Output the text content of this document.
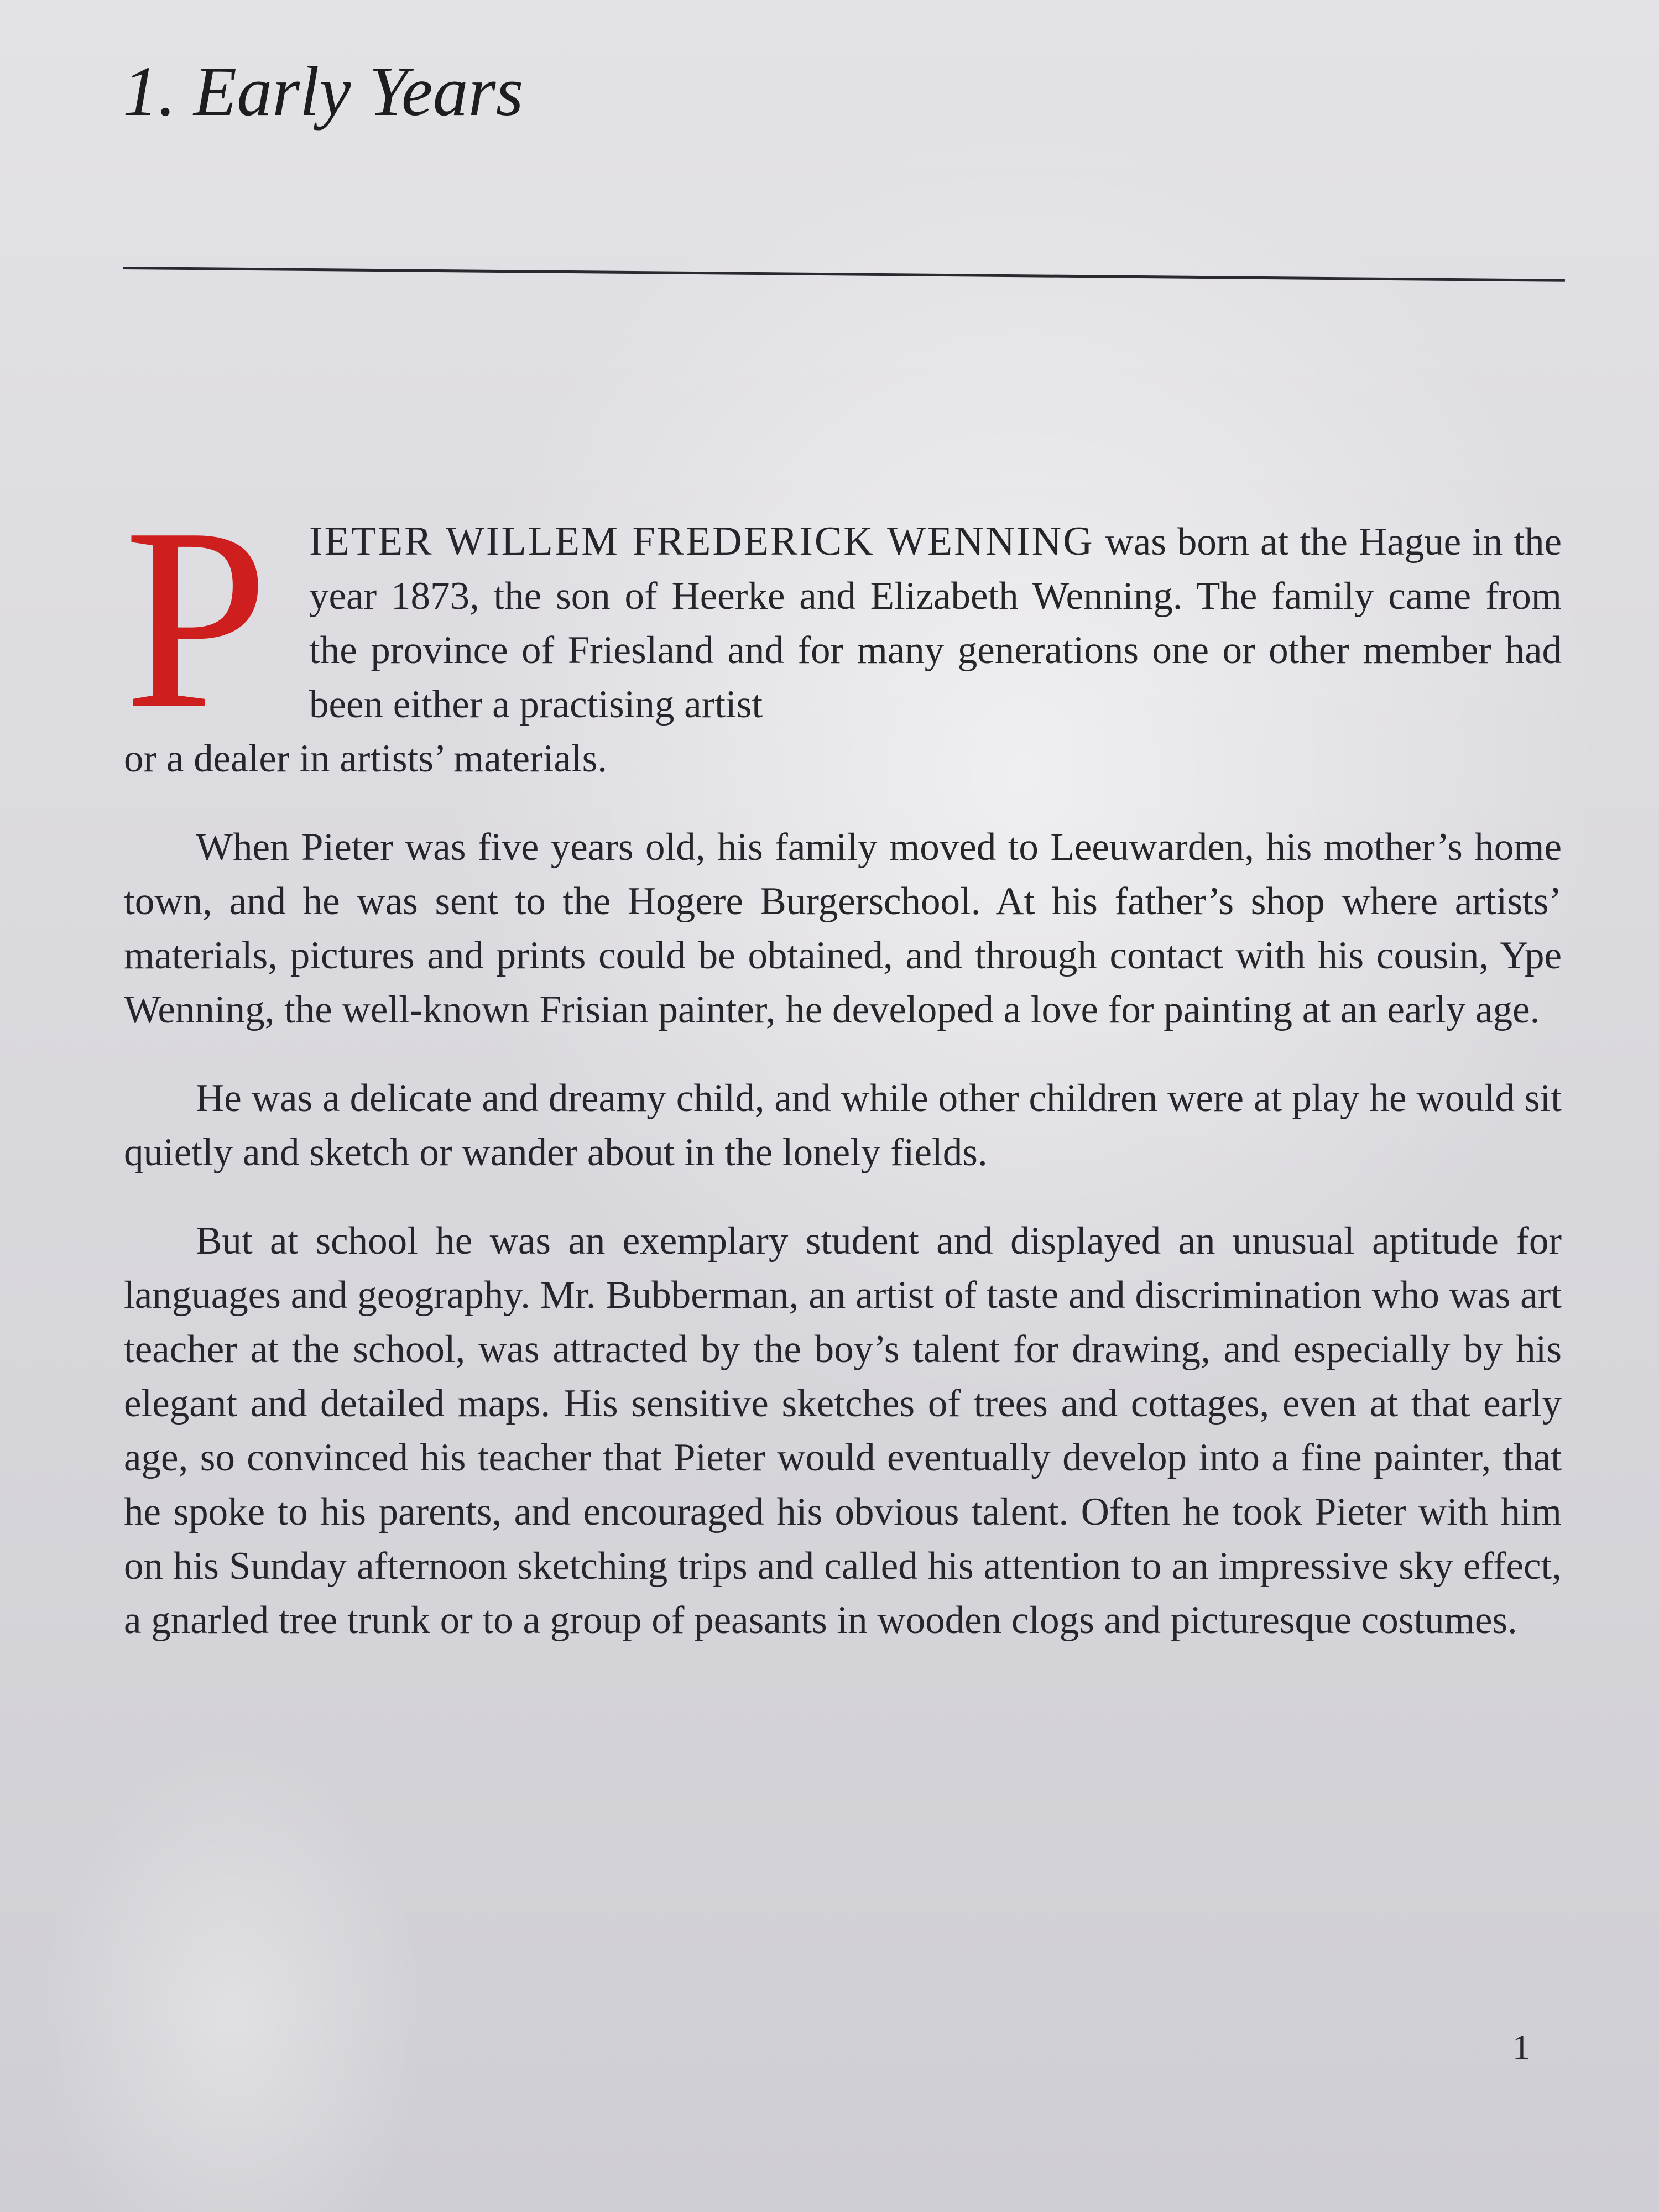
1. Early Years

P IETER WILLEM FREDERICK WENNING was born at the Hague in the year 1873, the son of Heerke and Elizabeth Wenning. The family came from the province of Friesland and for many generations one or other member had been either a practising artist
or a dealer in artists’ materials.

When Pieter was five years old, his family moved to Leeuwarden, his mother’s home town, and he was sent to the Hogere Burgerschool. At his father’s shop where artists’ materials, pictures and prints could be obtained, and through contact with his cousin, Ype Wenning, the well-known Frisian painter, he developed a love for painting at an early age.

He was a delicate and dreamy child, and while other children were at play he would sit quietly and sketch or wander about in the lonely fields.

But at school he was an exemplary student and displayed an unusual aptitude for languages and geography. Mr. Bubberman, an artist of taste and discrimination who was art teacher at the school, was attracted by the boy’s talent for drawing, and especially by his elegant and detailed maps. His sensitive sketches of trees and cottages, even at that early age, so convinced his teacher that Pieter would eventually develop into a fine painter, that he spoke to his parents, and encouraged his obvious talent. Often he took Pieter with him on his Sunday afternoon sketching trips and called his attention to an impressive sky effect, a gnarled tree trunk or to a group of peasants in wooden clogs and picturesque costumes.

1
